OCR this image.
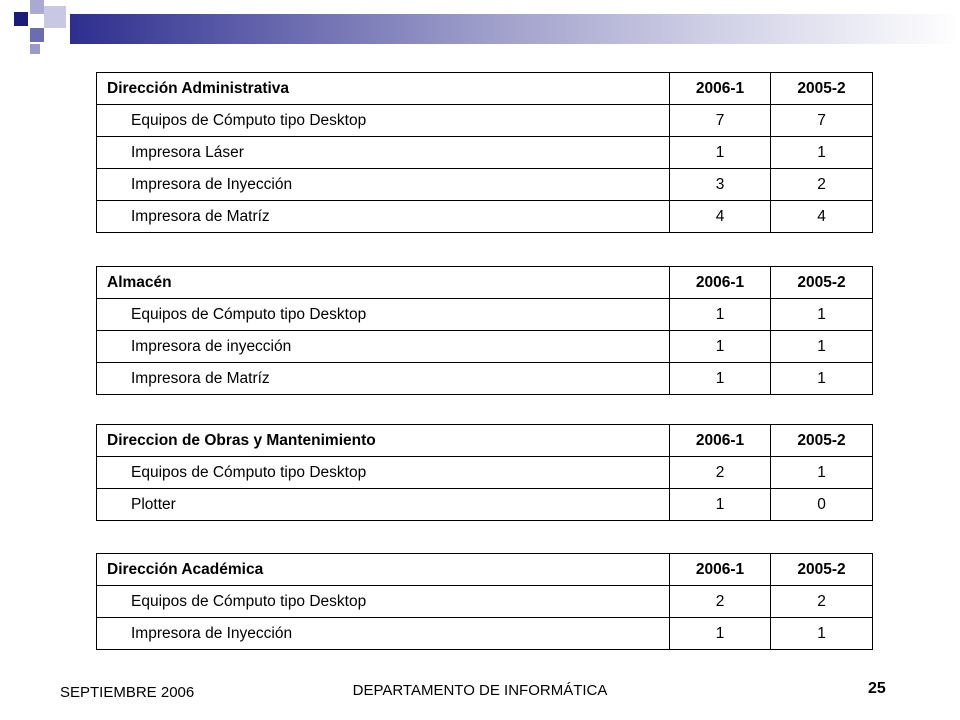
Dirección Administrativa	2006-1	2005-2
Equipos de Cómputo tipo Desktop	7	7
Impresora Láser	1	1
Impresora de Inyección	3	2
Impresora de Matríz	4	4
Almacén	2006-1	2005-2
Equipos de Cómputo tipo Desktop	1	1
Impresora de inyección	1	1
Impresora de Matríz	1	1
Direccion de Obras y Mantenimiento	2006-1	2005-2
Equipos de Cómputo tipo Desktop	2	1
Plotter	1	0
Dirección Académica	2006-1	2005-2
Equipos de Cómputo tipo Desktop	2	2
Impresora de Inyección	1	1
SEPTIEMBRE 2006	DEPARTAMENTO DE INFORMÁTICA	25
